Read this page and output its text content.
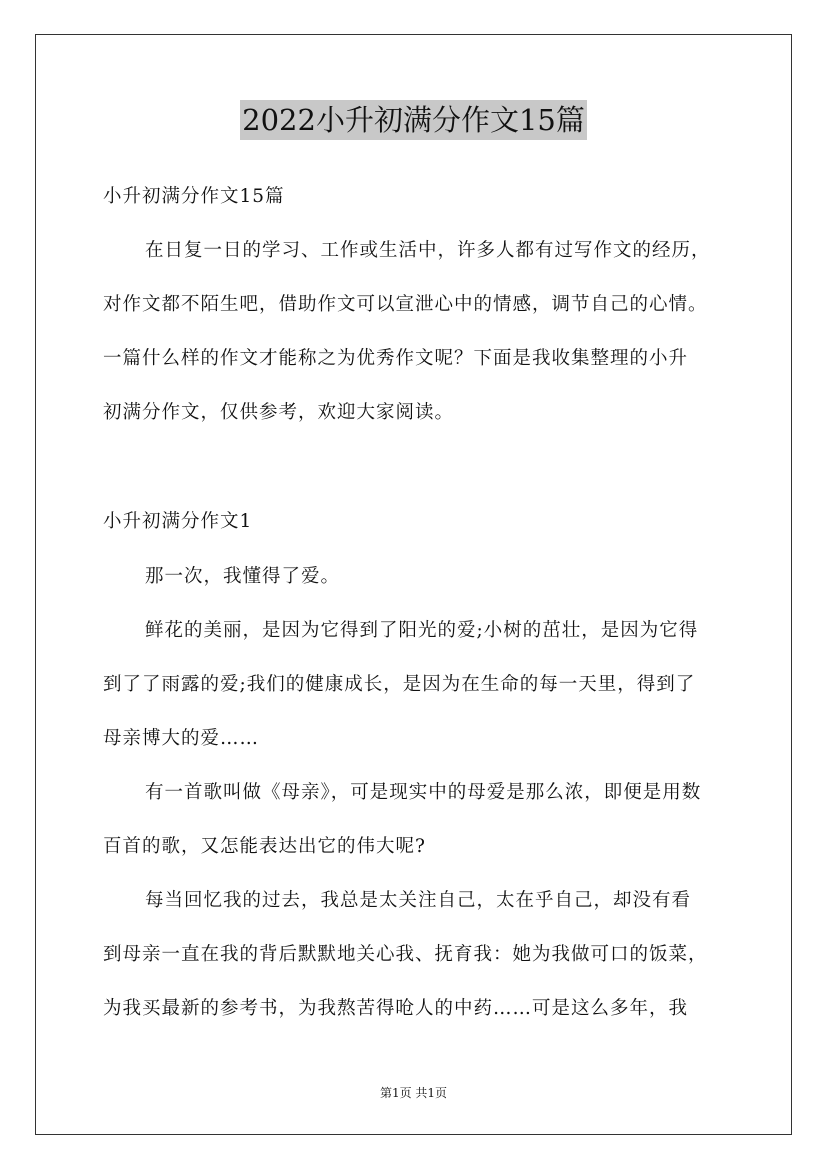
2022小升初满分作文15篇
小升初满分作文15篇
在日复一日的学习、工作或生活中，许多人都有过写作文的经历，
对作文都不陌生吧，借助作文可以宣泄心中的情感，调节自己的心情。
一篇什么样的作文才能称之为优秀作文呢？下面是我收集整理的小升
初满分作文，仅供参考，欢迎大家阅读。
小升初满分作文1
那一次，我懂得了爱。
鲜花的美丽，是因为它得到了阳光的爱;小树的茁壮，是因为它得
到了了雨露的爱;我们的健康成长，是因为在生命的每一天里，得到了
母亲博大的爱……
有一首歌叫做《母亲》，可是现实中的母爱是那么浓，即便是用数
百首的歌，又怎能表达出它的伟大呢?
每当回忆我的过去，我总是太关注自己，太在乎自己，却没有看
到母亲一直在我的背后默默地关心我、抚育我：她为我做可口的饭菜，
为我买最新的参考书，为我熬苦得呛人的中药……可是这么多年，我
第1页 共1页
